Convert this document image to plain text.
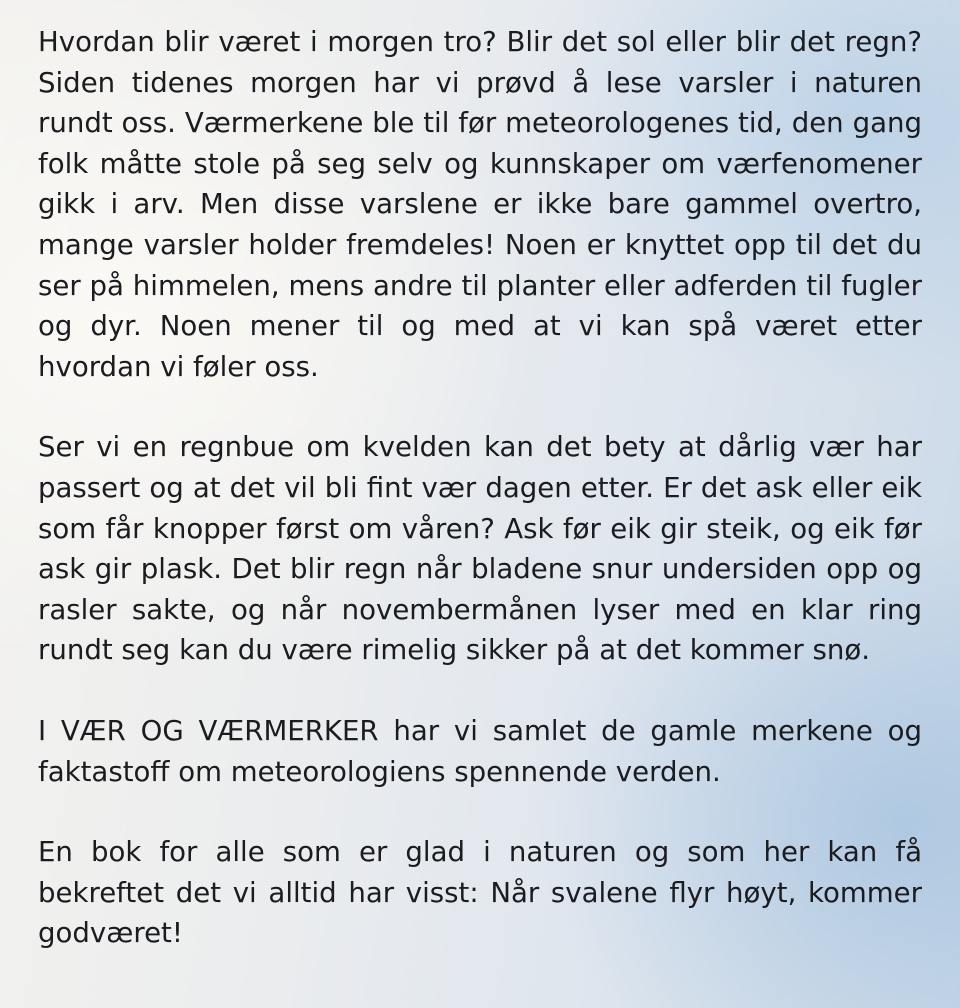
Hvordan blir været i morgen tro? Blir det sol eller blir det regn? Siden tidenes morgen har vi prøvd å lese varsler i naturen rundt oss. Værmerkene ble til før meteorologenes tid, den gang folk måtte stole på seg selv og kunnskaper om værfenomener gikk i arv. Men disse varslene er ikke bare gammel overtro, mange varsler holder fremdeles! Noen er knyttet opp til det du ser på himmelen, mens andre til planter eller adferden til fugler og dyr. Noen mener til og med at vi kan spå været etter hvordan vi føler oss.

Ser vi en regnbue om kvelden kan det bety at dårlig vær har passert og at det vil bli fint vær dagen etter. Er det ask eller eik som får knopper først om våren? Ask før eik gir steik, og eik før ask gir plask. Det blir regn når bladene snur undersiden opp og rasler sakte, og når novembermånen lyser med en klar ring rundt seg kan du være rimelig sikker på at det kommer snø.

I VÆR OG VÆRMERKER har vi samlet de gamle merkene og faktastoff om meteorologiens spennende verden.

En bok for alle som er glad i naturen og som her kan få bekreftet det vi alltid har visst: Når svalene flyr høyt, kommer godværet!
